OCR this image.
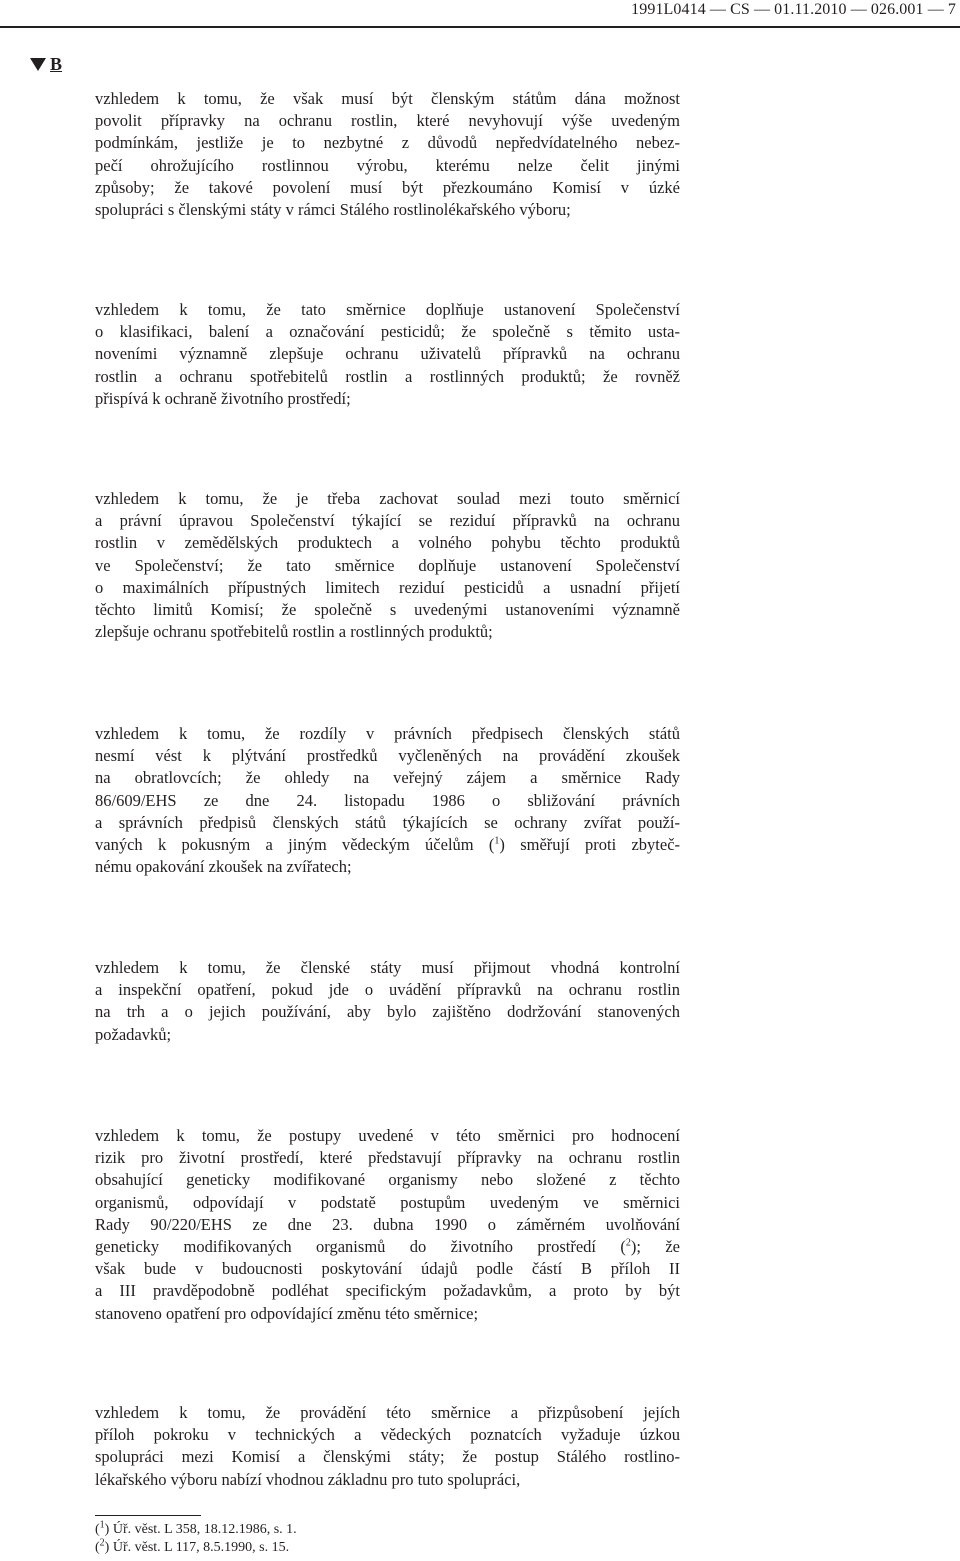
1991L0414 — CS — 01.11.2010 — 026.001 — 7
B
vzhledem k tomu, že však musí být členským státům dána možnost
povolit přípravky na ochranu rostlin, které nevyhovují výše uvedeným
podmínkám, jestliže je to nezbytné z důvodů nepředvídatelného nebez-
pečí ohrožujícího rostlinnou výrobu, kterému nelze čelit jinými
způsoby; že takové povolení musí být přezkoumáno Komisí v úzké
spolupráci s členskými státy v rámci Stálého rostlinolékařského výboru;
vzhledem k tomu, že tato směrnice doplňuje ustanovení Společenství
o klasifikaci, balení a označování pesticidů; že společně s těmito usta-
noveními významně zlepšuje ochranu uživatelů přípravků na ochranu
rostlin a ochranu spotřebitelů rostlin a rostlinných produktů; že rovněž
přispívá k ochraně životního prostředí;
vzhledem k tomu, že je třeba zachovat soulad mezi touto směrnicí
a právní úpravou Společenství týkající se reziduí přípravků na ochranu
rostlin v zemědělských produktech a volného pohybu těchto produktů
ve Společenství; že tato směrnice doplňuje ustanovení Společenství
o maximálních přípustných limitech reziduí pesticidů a usnadní přijetí
těchto limitů Komisí; že společně s uvedenými ustanoveními významně
zlepšuje ochranu spotřebitelů rostlin a rostlinných produktů;
vzhledem k tomu, že rozdíly v právních předpisech členských států
nesmí vést k plýtvání prostředků vyčleněných na provádění zkoušek
na obratlovcích; že ohledy na veřejný zájem a směrnice Rady
86/609/EHS ze dne 24. listopadu 1986 o sbližování právních
a správních předpisů členských států týkajících se ochrany zvířat použí-
vaných k pokusným a jiným vědeckým účelům ($^1$) směřují proti zbyteč-
nému opakování zkoušek na zvířatech;
vzhledem k tomu, že členské státy musí přijmout vhodná kontrolní
a inspekční opatření, pokud jde o uvádění přípravků na ochranu rostlin
na trh a o jejich používání, aby bylo zajištěno dodržování stanovených
požadavků;
vzhledem k tomu, že postupy uvedené v této směrnici pro hodnocení
rizik pro životní prostředí, které představují přípravky na ochranu rostlin
obsahující geneticky modifikované organismy nebo složené z těchto
organismů, odpovídají v podstatě postupům uvedeným ve směrnici
Rady 90/220/EHS ze dne 23. dubna 1990 o záměrném uvolňování
geneticky modifikovaných organismů do životního prostředí ($^2$); že
však bude v budoucnosti poskytování údajů podle částí B příloh II
a III pravděpodobně podléhat specifickým požadavkům, a proto by být
stanoveno opatření pro odpovídající změnu této směrnice;
vzhledem k tomu, že provádění této směrnice a přizpůsobení jejích
příloh pokroku v technických a vědeckých poznatcích vyžaduje úzkou
spolupráci mezi Komisí a členskými státy; že postup Stálého rostlino-
lékařského výboru nabízí vhodnou základnu pro tuto spolupráci,
($^1$) Úř. věst. L 358, 18.12.1986, s. 1.
($^2$) Úř. věst. L 117, 8.5.1990, s. 15.
